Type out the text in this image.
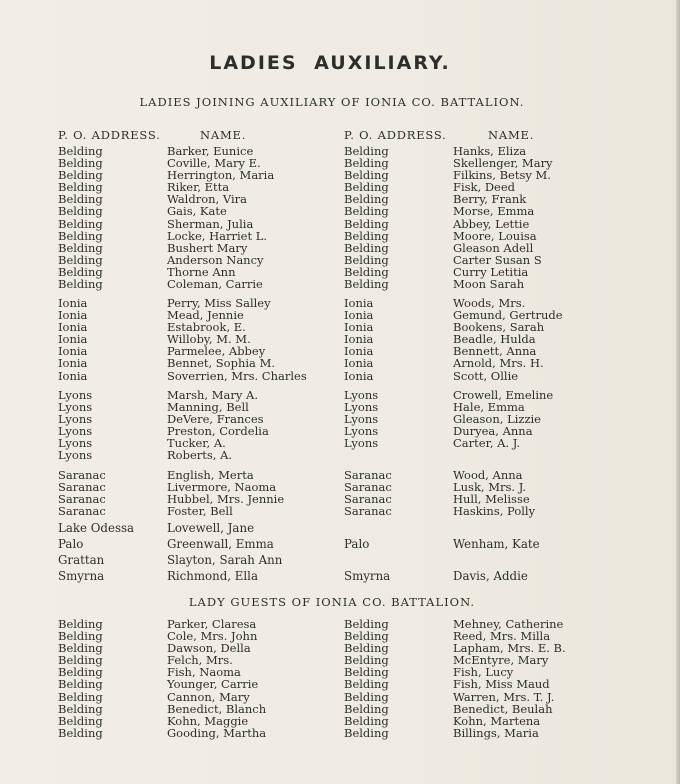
LADIES AUXILIARY.
LADIES JOINING AUXILIARY OF IONIA CO. BATTALION.
P. O. ADDRESS.	NAME.	P. O. ADDRESS.	NAME.
Belding	Barker, Eunice	Belding	Hanks, Eliza
Belding	Coville, Mary E.	Belding	Skellenger, Mary
Belding	Herrington, Maria	Belding	Filkins, Betsy M.
Belding	Riker, Etta	Belding	Fisk, Deed
Belding	Waldron, Vira	Belding	Berry, Frank
Belding	Gais, Kate	Belding	Morse, Emma
Belding	Sherman, Julia	Belding	Abbey, Lettie
Belding	Locke, Harriet L.	Belding	Moore, Louisa
Belding	Bushert Mary	Belding	Gleason Adell
Belding	Anderson Nancy	Belding	Carter Susan S
Belding	Thorne Ann	Belding	Curry Letitia
Belding	Coleman, Carrie	Belding	Moon Sarah
Ionia	Perry, Miss Salley	Ionia	Woods, Mrs.
Ionia	Mead, Jennie	Ionia	Gemund, Gertrude
Ionia	Estabrook, E.	Ionia	Bookens, Sarah
Ionia	Willoby, M. M.	Ionia	Beadle, Hulda
Ionia	Parmelee, Abbey	Ionia	Bennett, Anna
Ionia	Bennet, Sophia M.	Ionia	Arnold, Mrs. H.
Ionia	Soverrien, Mrs. Charles	Ionia	Scott, Ollie
Lyons	Marsh, Mary A.	Lyons	Crowell, Emeline
Lyons	Manning, Bell	Lyons	Hale, Emma
Lyons	DeVere, Frances	Lyons	Gleason, Lizzie
Lyons	Preston, Cordelia	Lyons	Duryea, Anna
Lyons	Tucker, A.	Lyons	Carter, A. J.
Lyons	Roberts, A.
Saranac	English, Merta	Saranac	Wood, Anna
Saranac	Livermore, Naoma	Saranac	Lusk, Mrs. J.
Saranac	Hubbel, Mrs. Jennie	Saranac	Hull, Melisse
Saranac	Foster, Bell	Saranac	Haskins, Polly
Lake Odessa	Lovewell, Jane
Palo	Greenwall, Emma	Palo	Wenham, Kate
Grattan	Slayton, Sarah Ann
Smyrna	Richmond, Ella	Smyrna	Davis, Addie
LADY GUESTS OF IONIA CO. BATTALION.
Belding	Parker, Claresa	Belding	Mehney, Catherine
Belding	Cole, Mrs. John	Belding	Reed, Mrs. Milla
Belding	Dawson, Della	Belding	Lapham, Mrs. E. B.
Belding	Felch, Mrs.	Belding	McEntyre, Mary
Belding	Fish, Naoma	Belding	Fish, Lucy
Belding	Younger, Carrie	Belding	Fish, Miss Maud
Belding	Cannon, Mary	Belding	Warren, Mrs. T. J.
Belding	Benedict, Blanch	Belding	Benedict, Beulah
Belding	Kohn, Maggie	Belding	Kohn, Martena
Belding	Gooding, Martha	Belding	Billings, Maria
